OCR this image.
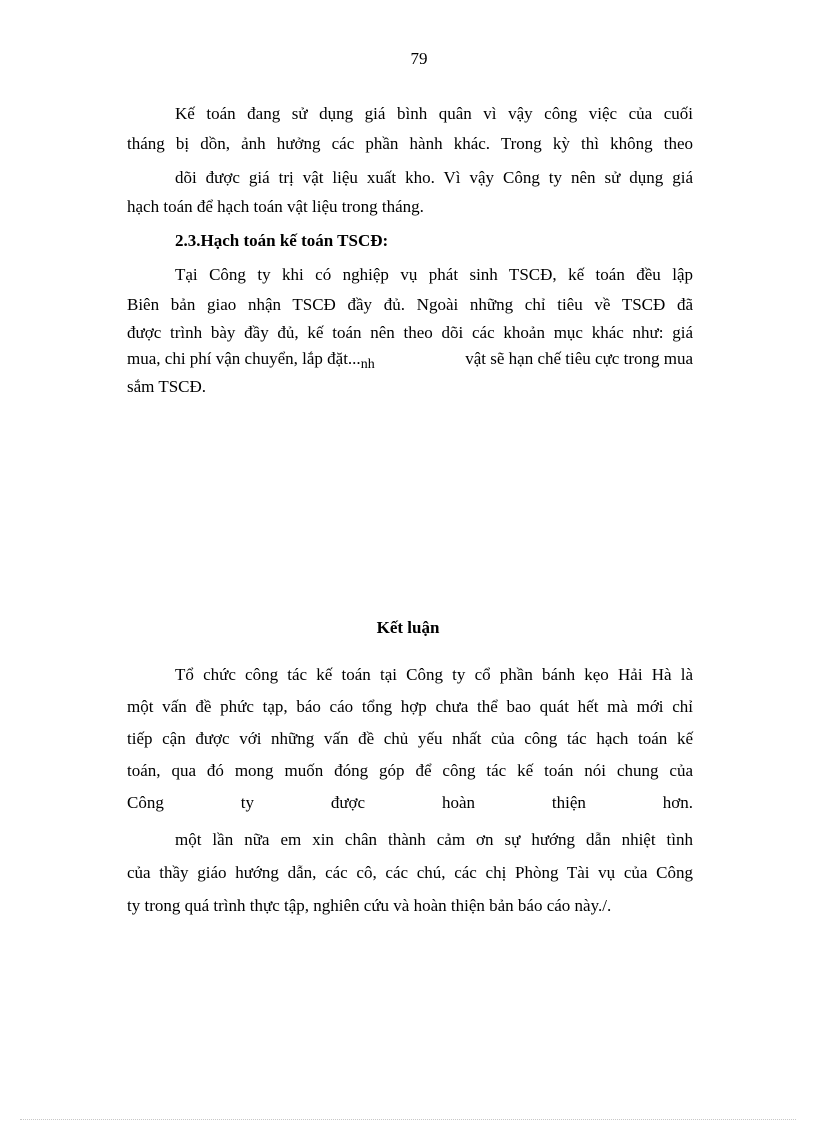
79
Kế toán đang sử dụng giá bình quân vì vậy công việc của cuối
tháng bị dồn, ảnh hưởng các phần hành khác. Trong kỳ thì không theo
dõi được giá trị vật liệu xuất kho. Vì vậy Công ty nên sử dụng giá
hạch toán để hạch toán vật liệu trong tháng.
2.3.Hạch toán kế toán TSCĐ:
Tại Công ty khi có nghiệp vụ phát sinh TSCĐ, kế toán đều lập
Biên bản giao nhận TSCĐ đầy đủ. Ngoài những chỉ tiêu về TSCĐ đã
được trình bày đầy đủ, kế toán nên theo dõi các khoản mục khác như: giá
mua, chi phí vận chuyển, lắp $đặt..._{nh}$	vật sẽ hạn chế tiêu cực trong mua
sắm TSCĐ.
Kết luận
Tổ chức công tác kế toán tại Công ty cổ phần bánh kẹo Hải Hà là
một vấn đề phức tạp, báo cáo tổng hợp chưa thể bao quát hết mà mới chỉ
tiếp cận được với những vấn đề chủ yếu nhất của công tác hạch toán kế
toán, qua đó mong muốn đóng góp để công tác kế toán nói chung của
Công ty được hoàn thiện hơn.
một lần nữa em xin chân thành cảm ơn sự hướng dẫn nhiệt tình
của thầy giáo hướng dẫn, các cô, các chú, các chị Phòng Tài vụ của Công
ty trong quá trình thực tập, nghiên cứu và hoàn thiện bản báo cáo này./.
